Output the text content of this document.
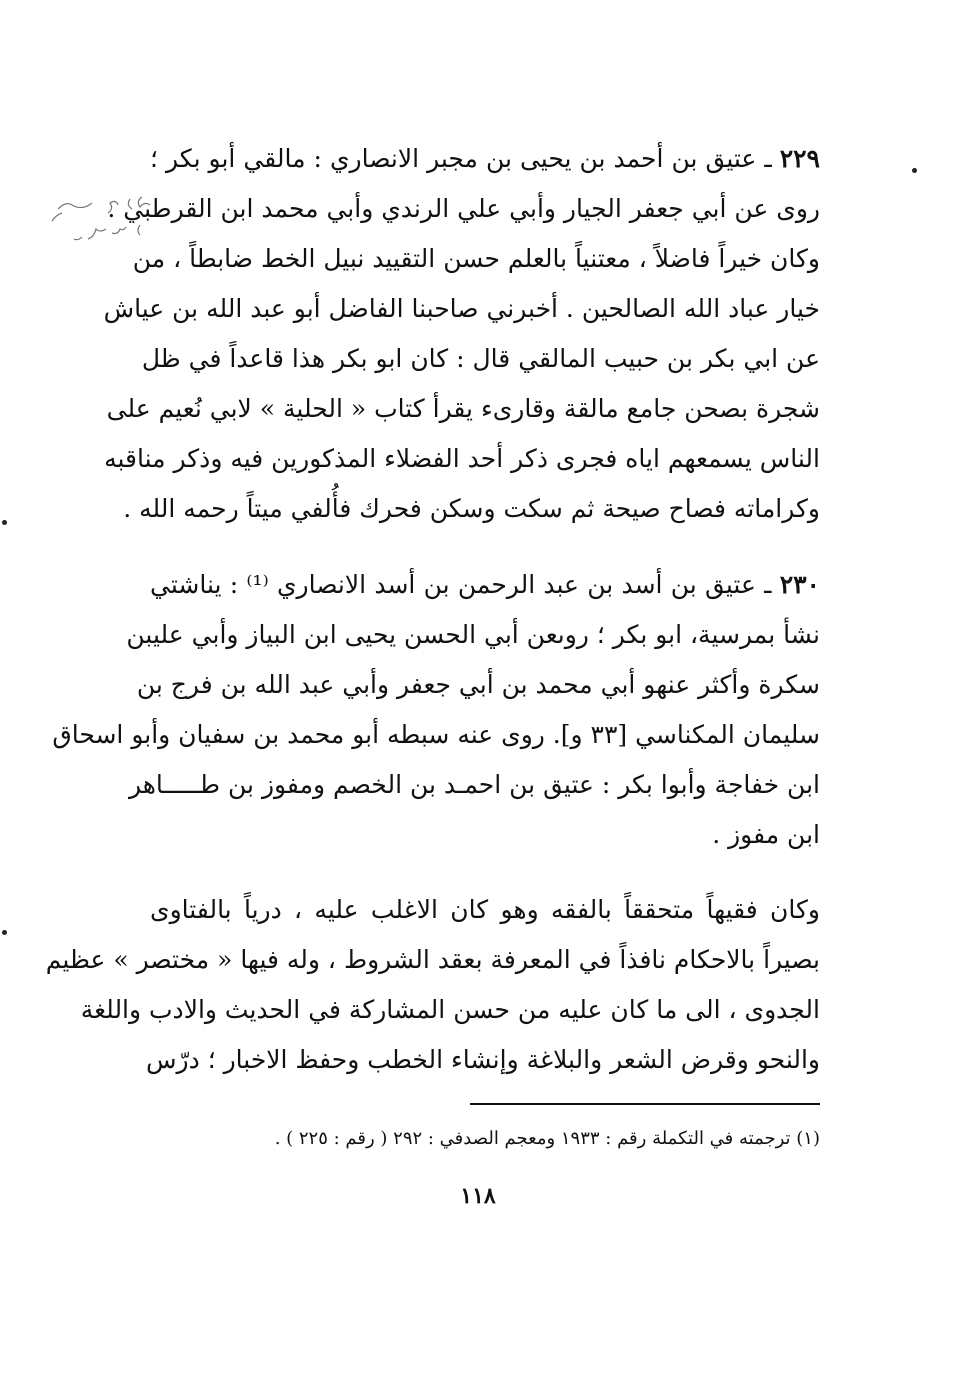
٢٢٩ ـ عتيق بن أحمد بن يحيى بن مجبر الانصاري : مالقي أبو بكر ؛
روى عن أبي جعفر الجيار وأبي علي الرندي وأبي محمد ابن القرطبي .
وكان خيراً فاضلاً ، معتنياً بالعلم حسن التقييد نبيل الخط ضابطاً ، من
خيار عباد الله الصالحين . أخبرني صاحبنا الفاضل أبو عبد الله بن عياش
عن ابي بكر بن حبيب المالقي قال : كان ابو بكر هذا قاعداً في ظل
شجرة بصحن جامع مالقة وقارىء يقرأ كتاب « الحلية » لابي نُعيم على
الناس يسمعهم اياه فجرى ذكر أحد الفضلاء المذكورين فيه وذكر مناقبه
وكراماته فصاح صيحة ثم سكت وسكن فحرك فأُلفي ميتاً رحمه الله .
٢٣٠ ـ عتيق بن أسد بن عبد الرحمن بن أسد الانصاري ⁽¹⁾ : يناشتي
نشأ بمرسية، ابو بكر ؛ روىعن أبي الحسن يحيى ابن البياز وأبي عليبن
سكرة وأكثر عنهو أبي محمد بن أبي جعفر وأبي عبد الله بن فرج بن
سليمان المكناسي [٣٣ و]. روى عنه سبطه أبو محمد بن سفيان وأبو اسحاق
ابن خفاجة وأبوا بكر : عتيق بن احمـد بن الخصم ومفوز بن طـــــاهر
ابن مفوز .
وكان فقيهاً متحققاً بالفقه وهو كان الاغلب عليه ، درياً بالفتاوى
بصيراً بالاحكام نافذاً في المعرفة بعقد الشروط ، وله فيها « مختصر » عظيم
الجدوى ، الى ما كان عليه من حسن المشاركة في الحديث والادب واللغة
والنحو وقرض الشعر والبلاغة وإنشاء الخطب وحفظ الاخبار ؛ درّس
(١) ترجمته في التكملة رقم : ١٩٣٣ ومعجم الصدفي : ٢٩٢ ( رقم : ٢٢٥ ) .
١١٨
